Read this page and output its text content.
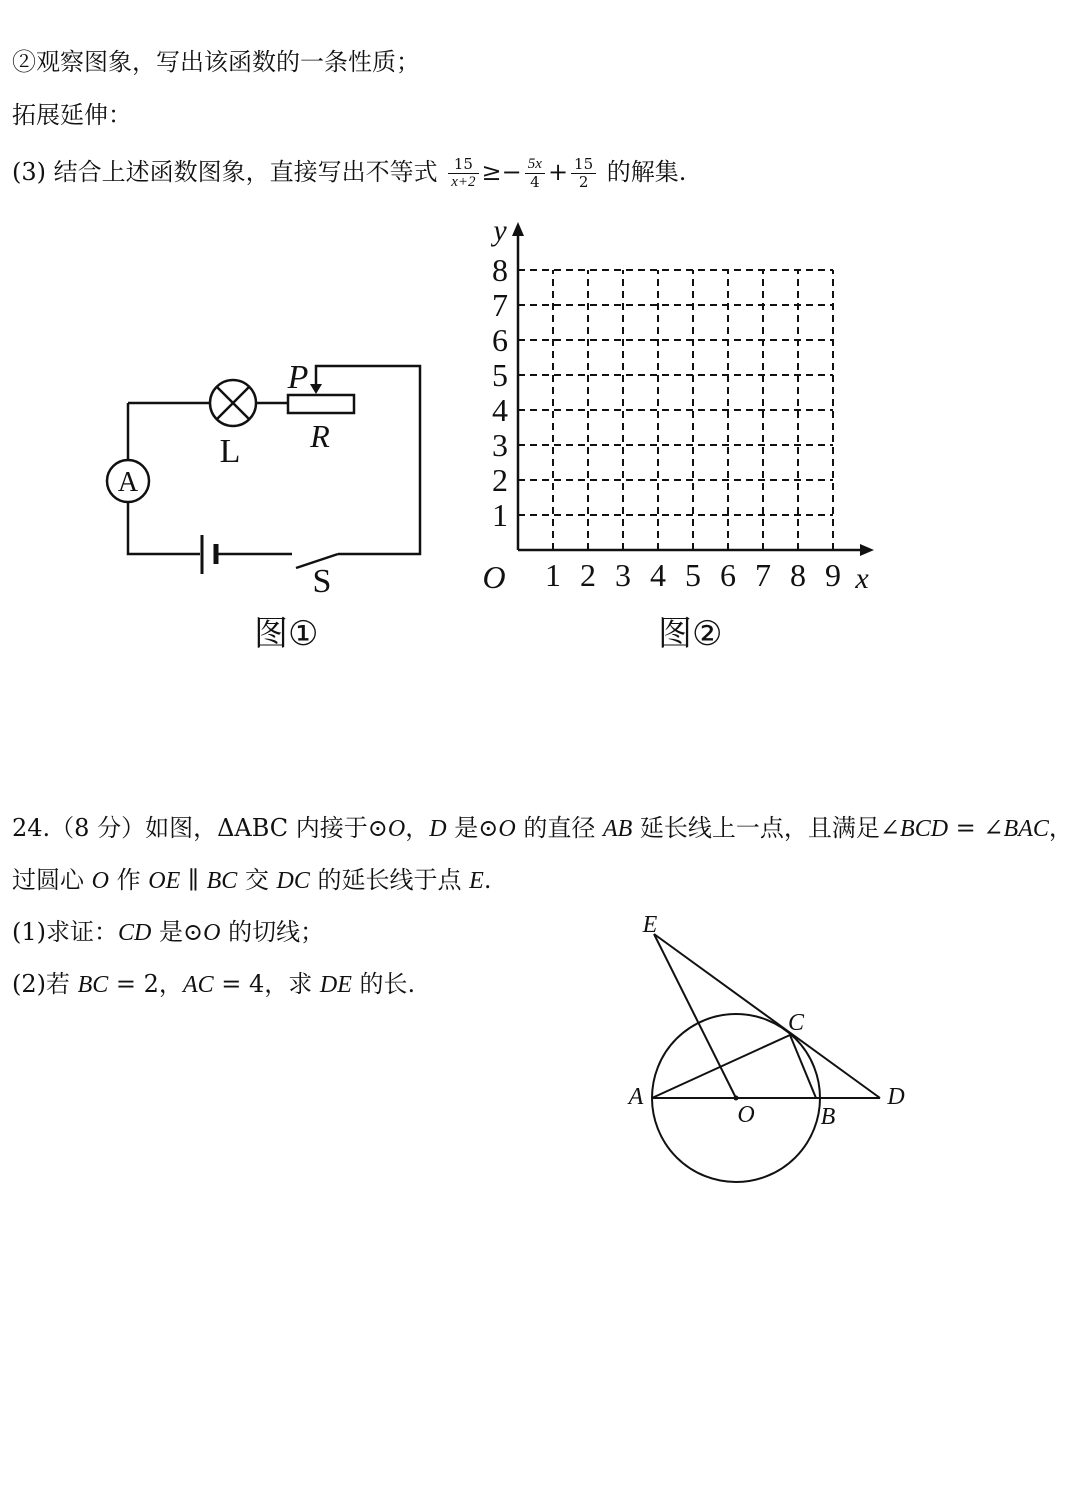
②观察图象，写出该函数的一条性质；
拓展延伸：
(3) 结合上述函数图象，直接写出不等式 $\frac{15}{x+2} \ge- \frac{5x}{4} + \frac{15}{2}$ 的解集.
A
P
R
L
S
图①
y
x
O 1 2 3 4 5 6 7 8 9
1
2
3
4
5
6
7
8
图②
24.（8 分）如图，ΔABC 内接于⊙O，D 是⊙O 的直径 AB 延长线上一点，且满足∠BCD = ∠BAC，
过圆心 O 作 OE ∥ BC 交 DC 的延长线于点 E.
(1)求证：CD 是⊙O 的切线；
(2)若 BC = 2，AC = 4，求 DE 的长.
E
C
A
O	B
D
